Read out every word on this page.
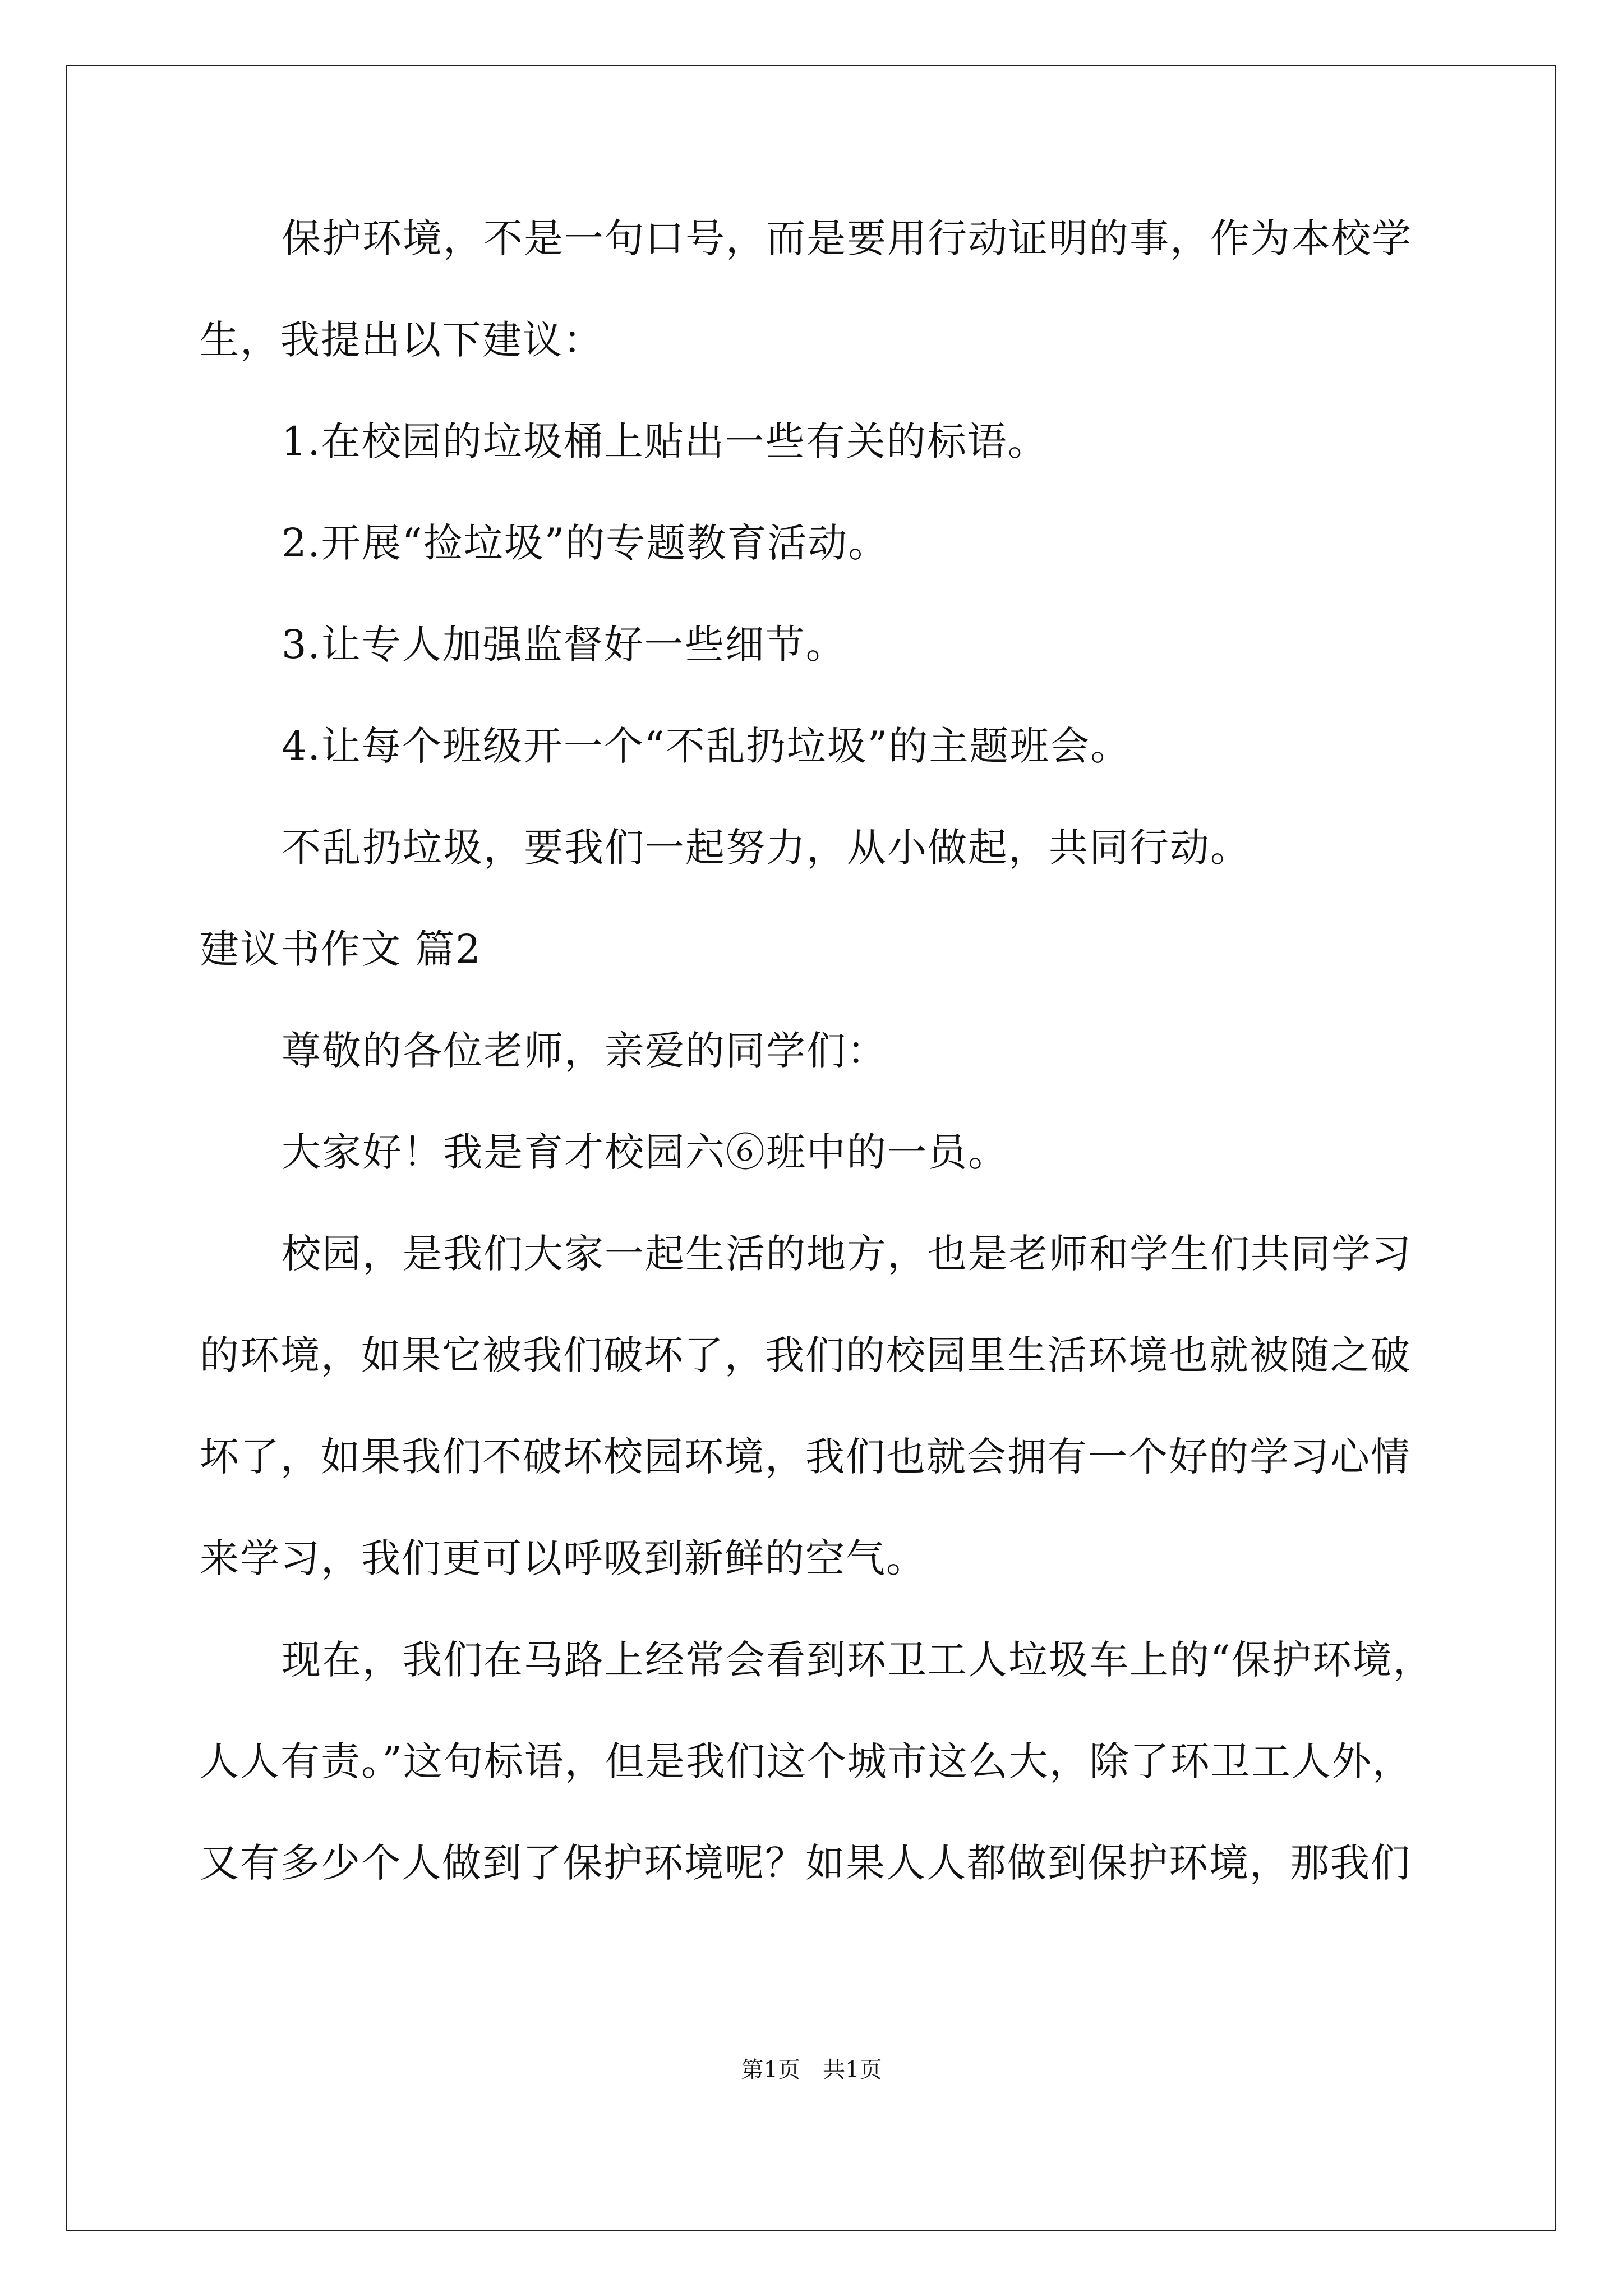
保护环境，不是一句口号，而是要用行动证明的事，作为本校学
生，我提出以下建议：
1.在校园的垃圾桶上贴出一些有关的标语。
2.开展“捡垃圾”的专题教育活动。
3.让专人加强监督好一些细节。
4.让每个班级开一个“不乱扔垃圾”的主题班会。
不乱扔垃圾，要我们一起努力，从小做起，共同行动。
建议书作文 篇2
尊敬的各位老师，亲爱的同学们：
大家好！我是育才校园六⑥班中的一员。
校园，是我们大家一起生活的地方，也是老师和学生们共同学习
的环境，如果它被我们破坏了，我们的校园里生活环境也就被随之破
坏了，如果我们不破坏校园环境，我们也就会拥有一个好的学习心情
来学习，我们更可以呼吸到新鲜的空气。
现在，我们在马路上经常会看到环卫工人垃圾车上的“保护环境，
人人有责。”这句标语，但是我们这个城市这么大，除了环卫工人外，
又有多少个人做到了保护环境呢？如果人人都做到保护环境，那我们
第1页　共1页
